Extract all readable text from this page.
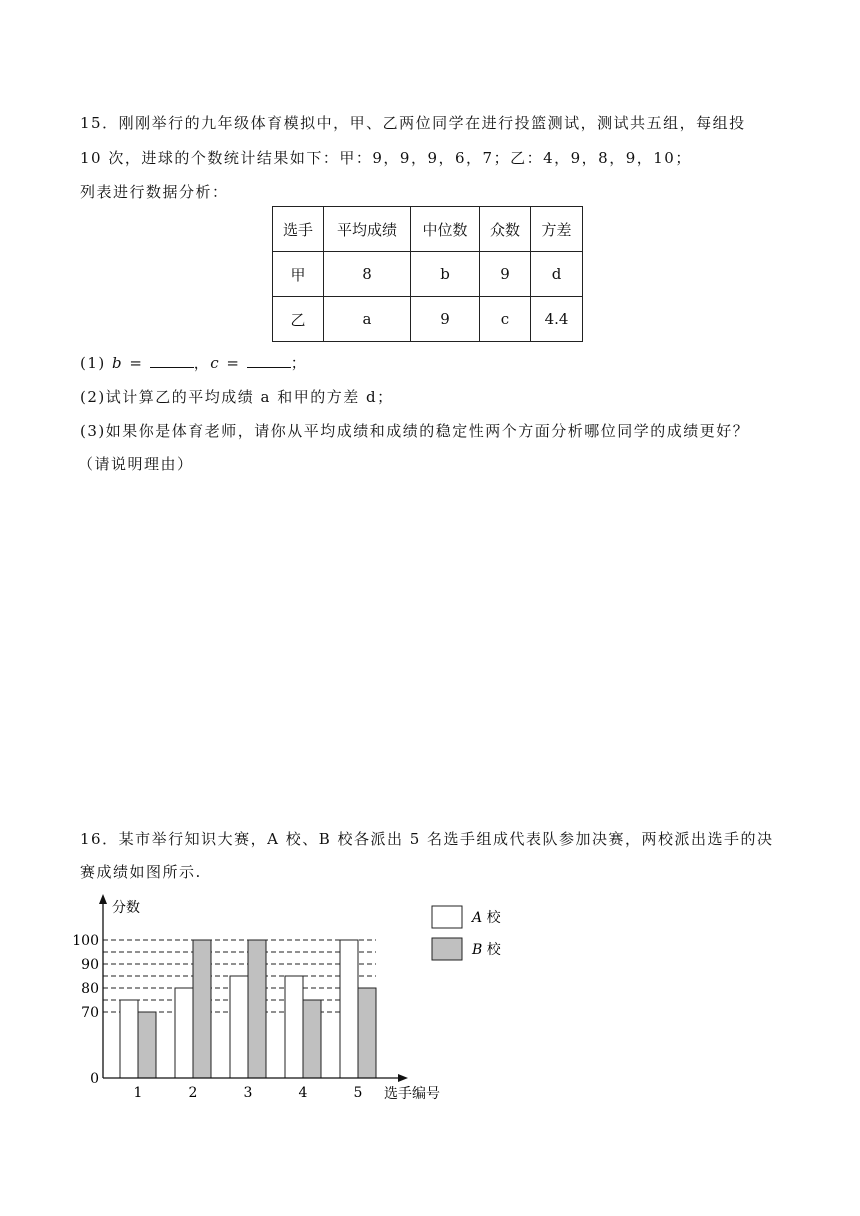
15．刚刚举行的九年级体育模拟中，甲、乙两位同学在进行投篮测试，测试共五组，每组投
10 次，进球的个数统计结果如下：甲：9，9，9，6，7；乙：4，9，8，9，10；
列表进行数据分析：
选手	平均成绩	中位数	众数	方差
甲	8	b	9	d
乙	a	9	c	4.4
(1) b =	，c =	；
(2)试计算乙的平均成绩 a 和甲的方差 d；
(3)如果你是体育老师，请你从平均成绩和成绩的稳定性两个方面分析哪位同学的成绩更好？
（请说明理由）
16．某市举行知识大赛，A 校、B 校各派出 5 名选手组成代表队参加决赛，两校派出选手的决
赛成绩如图所示.
分数
选手编号
0
70
80
90
100
1	2	3	4	5
A 校
B 校
